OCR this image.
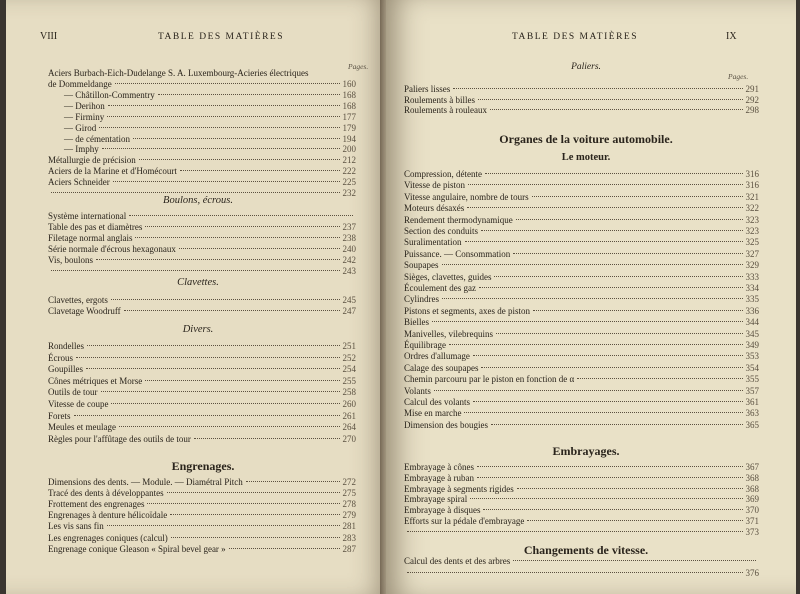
VIII	TABLE DES MATIÈRES
Pages.
Aciers Burbach-Eich-Dudelange S. A. Luxembourg-Acieries électriques
de Dommeldange	160
— Châtillon-Commentry	168
— Derihon	168
— Firminy	177
— Girod	179
— de cémentation	194
— Imphy	200
Métallurgie de précision	212
Aciers de la Marine et d'Homécourt	222
Aciers Schneider	225
232
Boulons, écrous.
Système international
Table des pas et diamètres	237
Filetage normal anglais	238
Série normale d'écrous hexagonaux	240
Vis, boulons	242
243
Clavettes.
Clavettes, ergots	245
Clavetage Woodruff	247
Divers.
Rondelles	251
Écrous	252
Goupilles	254
Cônes métriques et Morse	255
Outils de tour	258
Vitesse de coupe	260
Forets	261
Meules et meulage	264
Règles pour l'affûtage des outils de tour	270
Engrenages.
Dimensions des dents. — Module. — Diamétral Pitch	272
Tracé des dents à développantes	275
Frottement des engrenages	278
Engrenages à denture hélicoïdale	279
Les vis sans fin	281
Les engrenages coniques (calcul)	283
Engrenage conique Gleason « Spiral bevel gear »	287
TABLE DES MATIÈRES	IX
Paliers.
Pages.
Paliers lisses	291
Roulements à billes	292
Roulements à rouleaux	298
Organes de la voiture automobile.
Le moteur.
Compression, détente	316
Vitesse de piston	316
Vitesse angulaire, nombre de tours	321
Moteurs désaxés	322
Rendement thermodynamique	323
Section des conduits	323
Suralimentation	325
Puissance. — Consommation	327
Soupapes	329
Sièges, clavettes, guides	333
Écoulement des gaz	334
Cylindres	335
Pistons et segments, axes de piston	336
Bielles	344
Manivelles, vilebrequins	345
Équilibrage	349
Ordres d'allumage	353
Calage des soupapes	354
Chemin parcouru par le piston en fonction de α	355
Volants	357
Calcul des volants	361
Mise en marche	363
Dimension des bougies	365
Embrayages.
Embrayage à cônes	367
Embrayage à ruban	368
Embrayage à segments rigides	368
Embrayage spiral	369
Embrayage à disques	370
Efforts sur la pédale d'embrayage	371
373
Changements de vitesse.
Calcul des dents et des arbres
376
